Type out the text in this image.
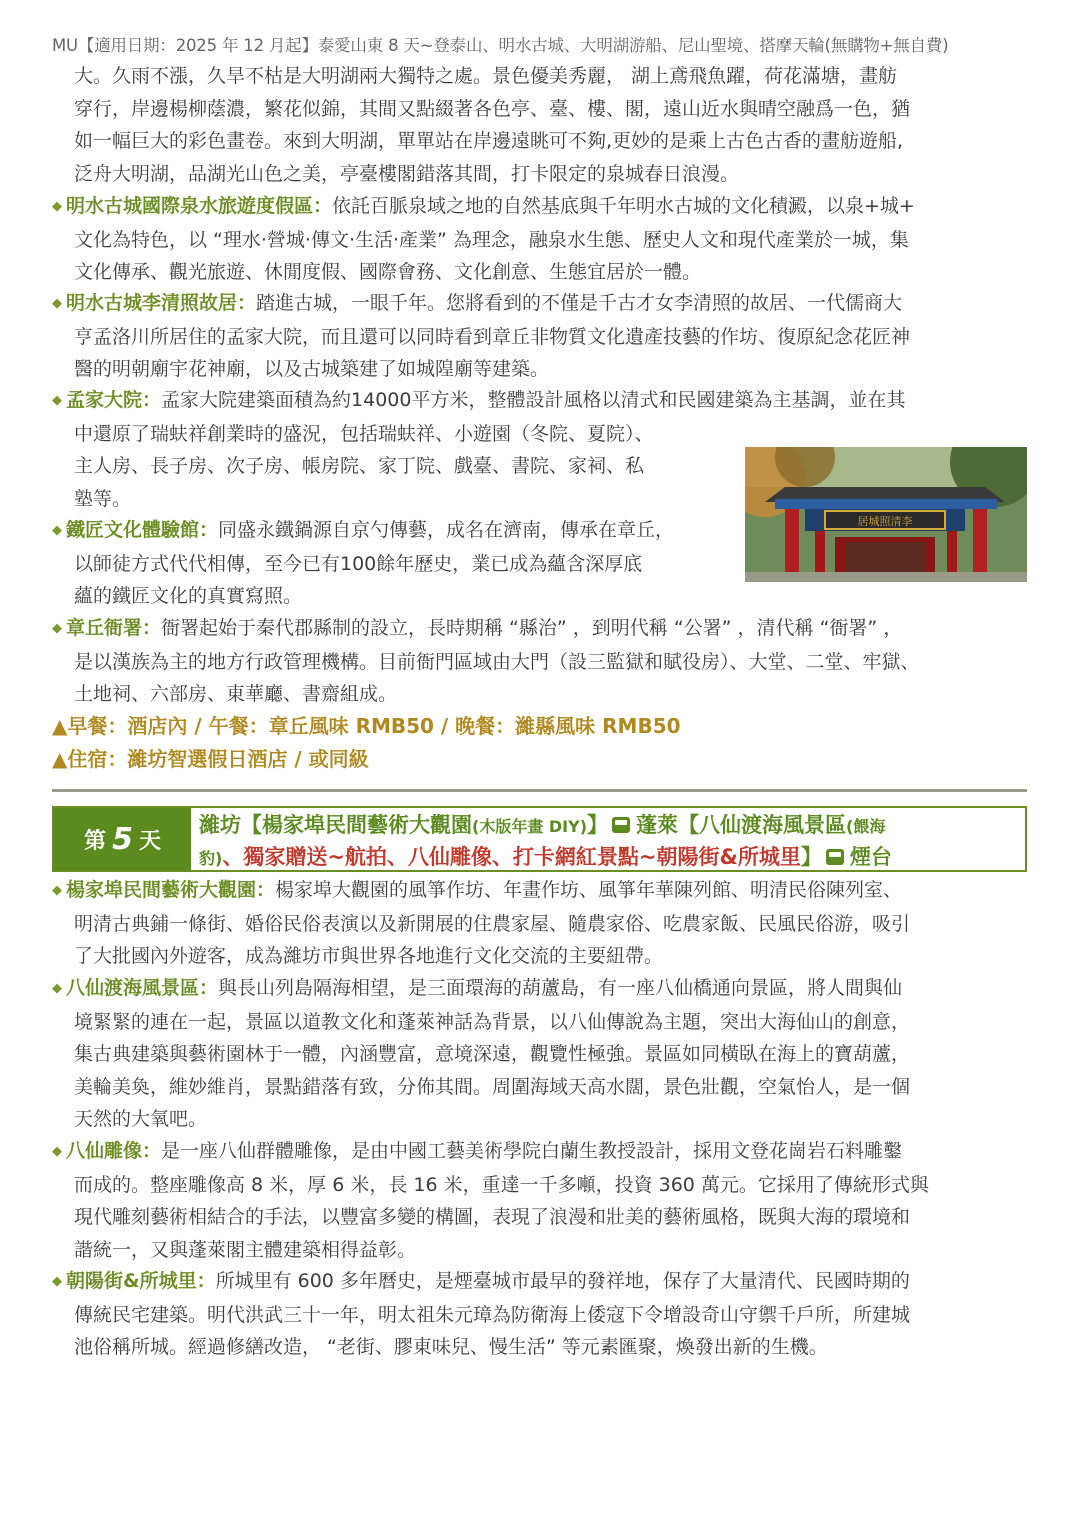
MU【適用日期：2025 年 12 月起】泰愛山東 8 天~登泰山、明水古城、大明湖游船、尼山聖境、搭摩天輪(無購物+無自費)

大。久雨不漲，久旱不枯是大明湖兩大獨特之處。景色優美秀麗， 湖上鳶飛魚躍，荷花滿塘，畫舫

穿行，岸邊楊柳蔭濃，繁花似錦，其間又點綴著各色亭、臺、樓、閣，遠山近水與晴空融爲一色，猶

如一幅巨大的彩色畫卷。來到大明湖，單單站在岸邊遠眺可不夠,更妙的是乘上古色古香的畫舫遊船,

泛舟大明湖，品湖光山色之美，亭臺樓閣錯落其間，打卡限定的泉城春日浪漫。

◆ 明水古城國際泉水旅遊度假區：依託百脈泉域之地的自然基底與千年明水古城的文化積澱，以泉+城+

文化為特色，以 “理水·營城·傳文·生活·產業” 為理念，融泉水生態、歷史人文和現代產業於一城，集

文化傳承、觀光旅遊、休閒度假、國際會務、文化創意、生態宜居於一體。

◆ 明水古城李清照故居：踏進古城，一眼千年。您將看到的不僅是千古才女李清照的故居、一代儒商大

亨孟洛川所居住的孟家大院，而且還可以同時看到章丘非物質文化遺產技藝的作坊、復原紀念花匠神

醫的明朝廟宇花神廟，以及古城築建了如城隍廟等建築。

◆ 孟家大院：孟家大院建築面積為約14000平方米，整體設計風格以清式和民國建築為主基調，並在其

中還原了瑞蚨祥創業時的盛況，包括瑞蚨祥、小遊園（冬院、夏院）、

主人房、長子房、次子房、帳房院、家丁院、戲臺、書院、家祠、私

塾等。

◆ 鐵匠文化體驗館：同盛永鐵鍋源自京勺傳藝，成名在濟南，傳承在章丘，

以師徒方式代代相傳，至今已有100餘年歷史，業已成為蘊含深厚底

蘊的鐵匠文化的真實寫照。

居城照清李

◆ 章丘衙署：衙署起始于秦代郡縣制的設立，長時期稱 “縣治” ，到明代稱 “公署” ，清代稱 “衙署” ，

是以漢族為主的地方行政管理機構。目前衙門區域由大門（設三監獄和賦役房）、大堂、二堂、牢獄、

土地祠、六部房、東華廳、書齋組成。

▲早餐：酒店內 / 午餐：章丘風味 RMB50 / 晚餐：濰縣風味 RMB50

▲住宿：濰坊智選假日酒店 / 或同級

第 5 天
濰坊【楊家埠民間藝術大觀園(木版年畫 DIY)】 蓬萊【八仙渡海風景區(餵海
豹)、獨家贈送~航拍、八仙雕像、打卡網紅景點~朝陽街&所城里】 煙台

◆ 楊家埠民間藝術大觀園：楊家埠大觀園的風箏作坊、年畫作坊、風箏年華陳列館、明清民俗陳列室、

明清古典鋪一條街、婚俗民俗表演以及新開展的住農家屋、隨農家俗、吃農家飯、民風民俗游，吸引

了大批國內外遊客，成為濰坊市與世界各地進行文化交流的主要紐帶。

◆ 八仙渡海風景區：與長山列島隔海相望，是三面環海的葫蘆島，有一座八仙橋通向景區，將人間與仙

境緊緊的連在一起，景區以道教文化和蓬萊神話為背景，以八仙傳說為主題，突出大海仙山的創意，

集古典建築與藝術園林于一體，內涵豐富，意境深遠，觀覽性極強。景區如同橫臥在海上的寶葫蘆，

美輪美奐，維妙維肖，景點錯落有致，分佈其間。周圍海域天高水闊，景色壯觀，空氣怡人，是一個

天然的大氧吧。

◆ 八仙雕像：是一座八仙群體雕像，是由中國工藝美術學院白蘭生教授設計，採用文登花崗岩石料雕鑿

而成的。整座雕像高 8 米，厚 6 米，長 16 米，重達一千多噸，投資 360 萬元。它採用了傳統形式與

現代雕刻藝術相結合的手法，以豐富多變的構圖，表現了浪漫和壯美的藝術風格，既與大海的環境和

諧統一，又與蓬萊閣主體建築相得益彰。

◆ 朝陽街&所城里：所城里有 600 多年曆史，是煙臺城市最早的發祥地，保存了大量清代、民國時期的

傳統民宅建築。明代洪武三十一年，明太祖朱元璋為防衛海上倭寇下令增設奇山守禦千戶所，所建城

池俗稱所城。經過修繕改造， “老街、膠東味兒、慢生活” 等元素匯聚，煥發出新的生機。
